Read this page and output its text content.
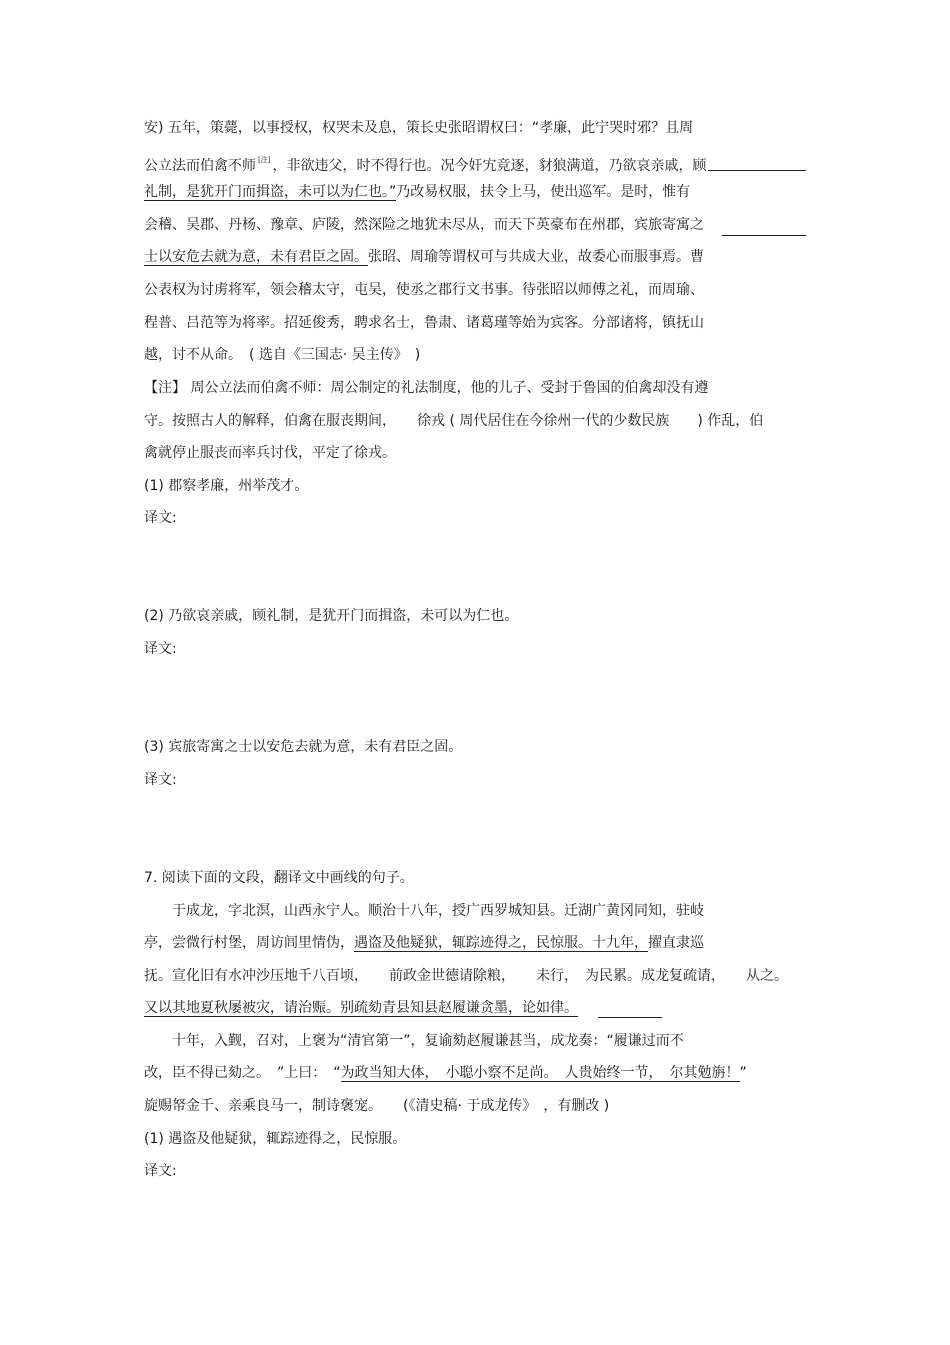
安) 五年，策薨，以事授权，权哭未及息，策长史张昭谓权曰：“孝廉，此宁哭时邪？且周
公立法而伯禽不师 [注] ，非欲违父，时不得行也。况今奸宄竞逐，豺狼满道，乃欲哀亲戚，顾
礼制，是犹开门而揖盗，未可以为仁也。”乃改易权服，扶令上马，使出巡军。是时，惟有
会稽、吴郡、丹杨、豫章、庐陵，然深险之地犹未尽从，而天下英豪布在州郡，宾旅寄寓之
士以安危去就为意，未有君臣之固。张昭、周瑜等谓权可与共成大业，故委心而服事焉。曹
公表权为讨虏将军，领会稽太守，屯吴，使丞之郡行文书事。待张昭以师傅之礼，而周瑜、
程普、吕范等为将率。招延俊秀，聘求名士，鲁肃、诸葛瑾等始为宾客。分部诸将，镇抚山
越，讨不从命。　( 选自《三国志· 吴主传》　)
【注】 周公立法而伯禽不师：周公制定的礼法制度，他的儿子、受封于鲁国的伯禽却没有遵
守。按照古人的解释，伯禽在服丧期间，　　徐戎 ( 周代居住在今徐州一代的少数民族　　) 作乱，伯
禽就停止服丧而率兵讨伐，平定了徐戎。
(1) 郡察孝廉，州举茂才。
译文:
(2) 乃欲哀亲戚，顾礼制，是犹开门而揖盗，未可以为仁也。
译文:
(3) 宾旅寄寓之士以安危去就为意，未有君臣之固。
译文:
7. 阅读下面的文段，翻译文中画线的句子。
于成龙，字北溟，山西永宁人。顺治十八年，授广西罗城知县。迁湖广黄冈同知，驻岐
亭，尝微行村堡，周访闾里情伪，遇盗及他疑狱，辄踪迹得之，民惊服。十九年，擢直隶巡
抚。宣化旧有水冲沙压地千八百顷，　　前政金世德请除粮，　　未行，　为民累。成龙复疏请，　　从之。
又以其地夏秋屡被灾，请治赈。别疏劾青县知县赵履谦贪墨，论如律。
十年，入觐，召对，上褒为“清官第一”，复谕劾赵履谦甚当，成龙奏：“履谦过而不
改，臣不得已劾之。　”上曰：　“为政当知大体，　小聪小察不足尚。　人贵始终一节，　尔其勉旃！”
旋赐帑金千、亲乘良马一，制诗褒宠。　　(《清史稿· 于成龙传》　，有删改 )
(1) 遇盗及他疑狱，辄踪迹得之，民惊服。
译文:
